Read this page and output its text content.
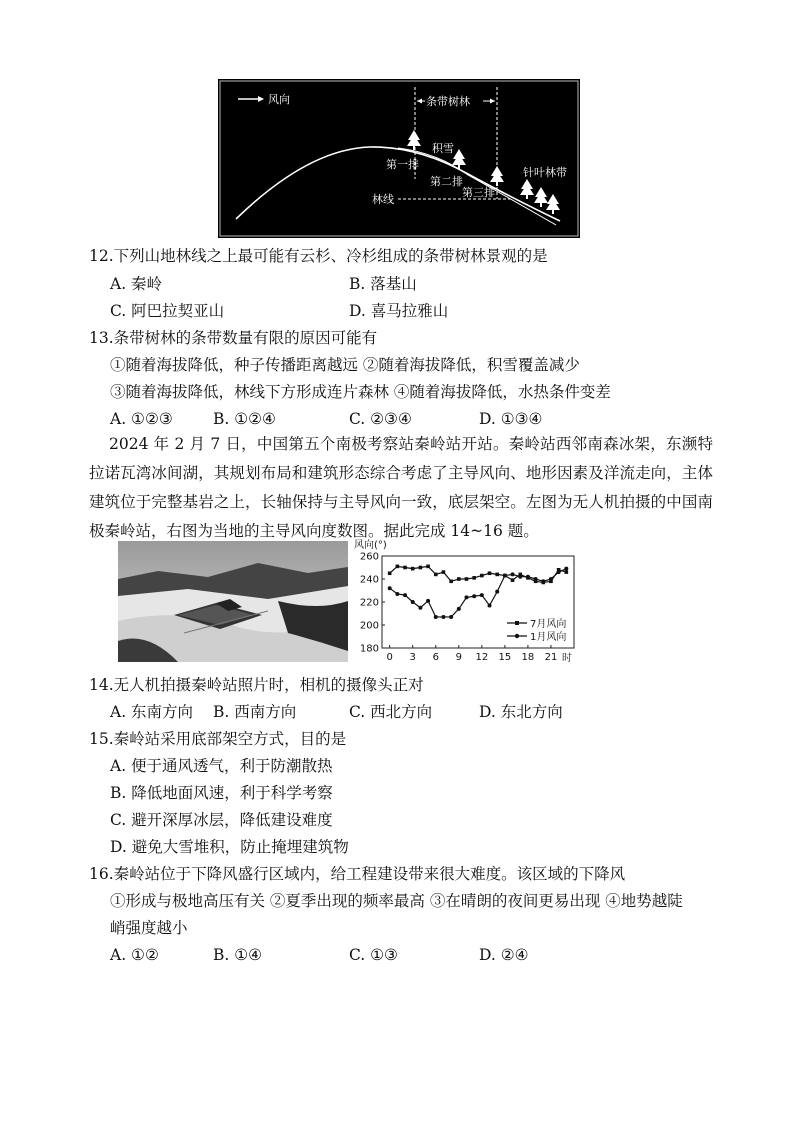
风向	条带树林
积雪
第一排
第二排
第三排
针叶林带
林线
12.下列山地林线之上最可能有云杉、冷杉组成的条带树林景观的是
A. 秦岭	B. 落基山
C. 阿巴拉契亚山	D. 喜马拉雅山
13.条带树林的条带数量有限的原因可能有
①随着海拔降低，种子传播距离越远 ②随着海拔降低，积雪覆盖减少
③随着海拔降低，林线下方形成连片森林 ④随着海拔降低，水热条件变差
A. ①②③	B. ①②④	C. ②③④	D. ①③④
2024 年 2 月 7 日，中国第五个南极考察站秦岭站开站。秦岭站西邻南森冰架，东濒特拉诺瓦湾冰间湖，其规划布局和建筑形态综合考虑了主导风向、地形因素及洋流走向，主体建筑位于完整基岩之上，长轴保持与主导风向一致，底层架空。左图为无人机拍摄的中国南极秦岭站，右图为当地的主导风向度数图。据此完成 14~16 题。
风向(°)
260
240
220
200
180
0 3 6 9 12 15 18 21 时
7月风向
1月风向
14.无人机拍摄秦岭站照片时，相机的摄像头正对
A. 东南方向 B. 西南方向	C. 西北方向	D. 东北方向
15.秦岭站采用底部架空方式，目的是
A. 便于通风透气，利于防潮散热
B. 降低地面风速，利于科学考察
C. 避开深厚冰层，降低建设难度
D. 避免大雪堆积，防止掩埋建筑物
16.秦岭站位于下降风盛行区域内，给工程建设带来很大难度。该区域的下降风
①形成与极地高压有关 ②夏季出现的频率最高 ③在晴朗的夜间更易出现 ④地势越陡
峭强度越小
A. ①②	B. ①④	C. ①③	D. ②④
